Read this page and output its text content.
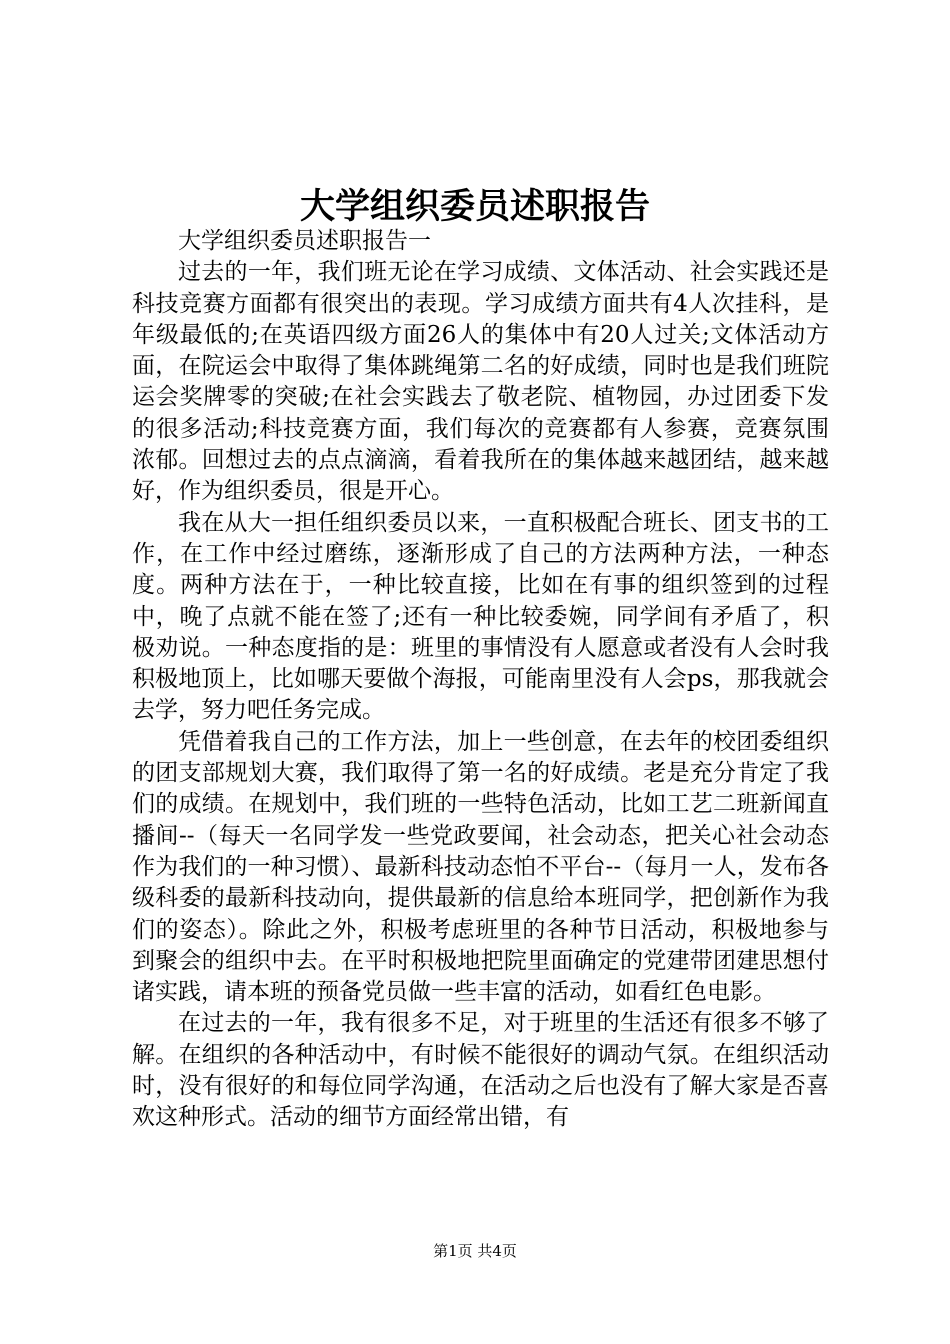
大学组织委员述职报告

大学组织委员述职报告一

过去的一年，我们班无论在学习成绩、文体活动、社会实践还是科技竞赛方面都有很突出的表现。学习成绩方面共有4人次挂科，是年级最低的;在英语四级方面26人的集体中有20人过关;文体活动方面，在院运会中取得了集体跳绳第二名的好成绩，同时也是我们班院运会奖牌零的突破;在社会实践去了敬老院、植物园，办过团委下发的很多活动;科技竞赛方面，我们每次的竞赛都有人参赛，竞赛氛围浓郁。回想过去的点点滴滴，看着我所在的集体越来越团结，越来越好，作为组织委员，很是开心。

我在从大一担任组织委员以来，一直积极配合班长、团支书的工作，在工作中经过磨练，逐渐形成了自己的方法两种方法，一种态度。两种方法在于，一种比较直接，比如在有事的组织签到的过程中，晚了点就不能在签了;还有一种比较委婉，同学间有矛盾了，积极劝说。一种态度指的是：班里的事情没有人愿意或者没有人会时我积极地顶上，比如哪天要做个海报，可能南里没有人会ps，那我就会去学，努力吧任务完成。

凭借着我自己的工作方法，加上一些创意，在去年的校团委组织的团支部规划大赛，我们取得了第一名的好成绩。老是充分肯定了我们的成绩。在规划中，我们班的一些特色活动，比如工艺二班新闻直播间--（每天一名同学发一些党政要闻，社会动态，把关心社会动态作为我们的一种习惯）、最新科技动态怕不平台--（每月一人，发布各级科委的最新科技动向，提供最新的信息给本班同学，把创新作为我们的姿态）。除此之外，积极考虑班里的各种节日活动，积极地参与到聚会的组织中去。在平时积极地把院里面确定的党建带团建思想付诸实践，请本班的预备党员做一些丰富的活动，如看红色电影。

在过去的一年，我有很多不足，对于班里的生活还有很多不够了解。在组织的各种活动中，有时候不能很好的调动气氛。在组织活动时，没有很好的和每位同学沟通，在活动之后也没有了解大家是否喜欢这种形式。活动的细节方面经常出错，有

第1页 共4页
